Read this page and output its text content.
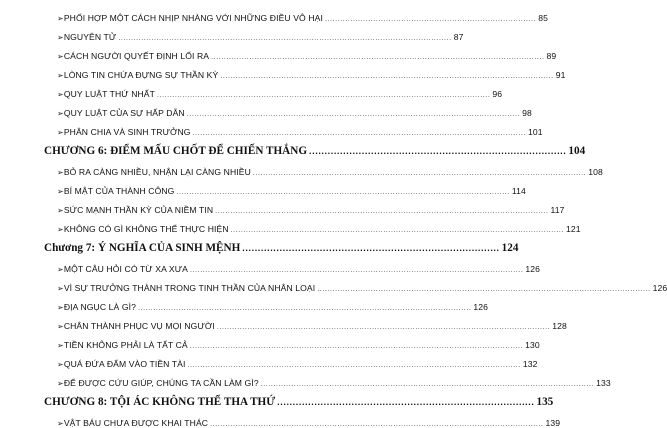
➢ PHỐI HỢP MỘT CÁCH NHỊP NHÀNG VỚI NHỮNG ĐIỀU VÔ HẠI ................................................................................... 85
➢ NGUYÊN TỬ ................................................................................................................................... 87
➢ CÁCH NGƯỜI QUYẾT ĐỊNH LỐI RA ................................................................................................................................... 89
➢ LÒNG TIN CHỨA ĐỰNG SỰ THẦN KỲ ................................................................................................................................... 91
➢ QUY LUẬT THỨ NHẤT ................................................................................................................................... 96
➢ QUY LUẬT CỦA SỰ HẤP DẪN ................................................................................................................................... 98
➢ PHÂN CHIA VÀ SINH TRƯỞNG ................................................................................................................................... 101
CHƯƠNG 6: ĐIỂM MẤU CHỐT ĐỂ CHIẾN THẮNG ................................................................................... 104
➢ BỎ RA CÀNG NHIỀU, NHẬN LẠI CÀNG NHIỀU ................................................................................................................................... 108
➢ BÍ MẬT CỦA THÀNH CÔNG ................................................................................................................................... 114
➢ SỨC MẠNH THẦN KỲ CỦA NIỀM TIN ................................................................................................................................... 117
➢ KHÔNG CÓ GÌ KHÔNG THỂ THỰC HIỆN ................................................................................................................................... 121
Chương 7: Ý NGHĨA CỦA SINH MỆNH ................................................................................... 124
➢ MỘT CÂU HỎI CÓ TỪ XA XƯA ................................................................................................................................... 126
➢ VÌ SỰ TRƯỞNG THÀNH TRONG TINH THẦN CỦA NHÂN LOẠI ................................................................................................................................... 126
➢ ĐỊA NGỤC LÀ GÌ? ................................................................................................................................... 126
➢ CHÂN THÀNH PHỤC VỤ MỌI NGƯỜI ................................................................................................................................... 128
➢ TIỀN KHÔNG PHẢI LÀ TẤT CẢ ................................................................................................................................... 130
➢ QUÁ ĐỨA ĐẨM VÀO TIỀN TÀI ................................................................................................................................... 132
➢ ĐỂ ĐƯỢC CỨU GIÚP, CHÚNG TA CẦN LÀM GÌ? ................................................................................................................................... 133
CHƯƠNG 8: TỘI ÁC KHÔNG THỂ THA THỨ ................................................................................... 135
➢ VẬT BÁU CHƯA ĐƯỢC KHAI THÁC ................................................................................................................................... 139
